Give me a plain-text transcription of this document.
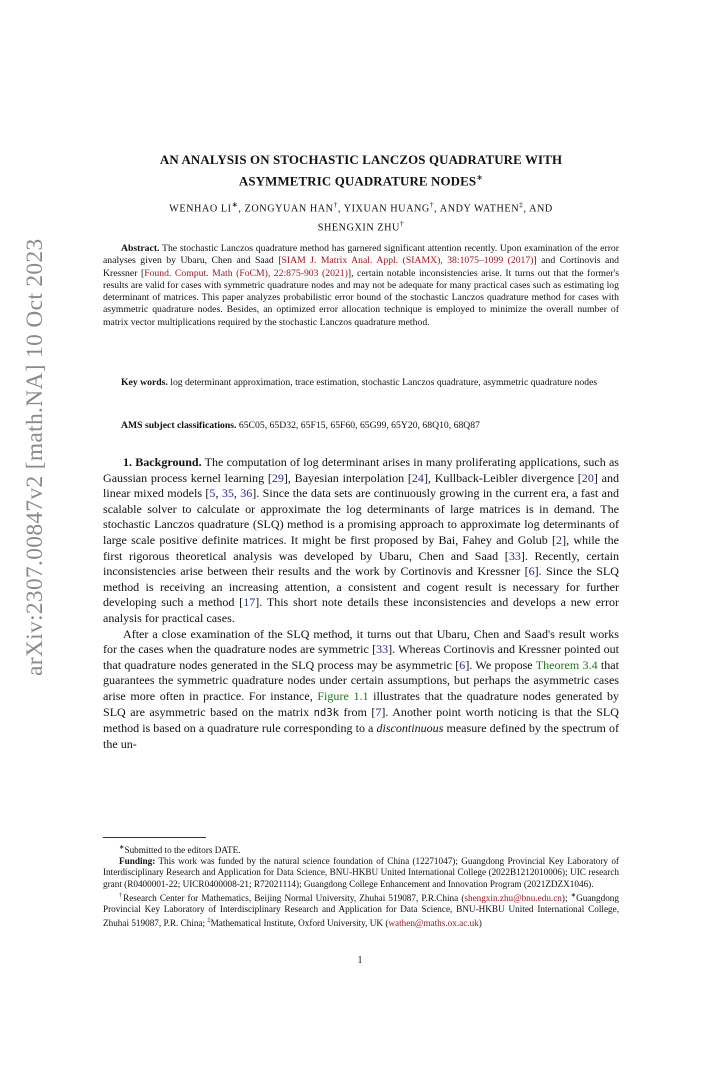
arXiv:2307.00847v2 [math.NA] 10 Oct 2023
AN ANALYSIS ON STOCHASTIC LANCZOS QUADRATURE WITH
ASYMMETRIC QUADRATURE NODES∗
WENHAO LI∗, ZONGYUAN HAN†, YIXUAN HUANG†, ANDY WATHEN‡, AND
SHENGXIN ZHU†
Abstract. The stochastic Lanczos quadrature method has garnered significant attention recently. Upon examination of the error analyses given by Ubaru, Chen and Saad [SIAM J. Matrix Anal. Appl. (SIAMX), 38:1075–1099 (2017)] and Cortinovis and Kressner [Found. Comput. Math (FoCM), 22:875-903 (2021)], certain notable inconsistencies arise. It turns out that the former's results are valid for cases with symmetric quadrature nodes and may not be adequate for many practical cases such as estimating log determinant of matrices. This paper analyzes probabilistic error bound of the stochastic Lanczos quadrature method for cases with asymmetric quadrature nodes. Besides, an optimized error allocation technique is employed to minimize the overall number of matrix vector multiplications required by the stochastic Lanczos quadrature method.
Key words. log determinant approximation, trace estimation, stochastic Lanczos quadrature, asymmetric quadrature nodes
AMS subject classifications. 65C05, 65D32, 65F15, 65F60, 65G99, 65Y20, 68Q10, 68Q87

1. Background. The computation of log determinant arises in many proliferating applications, such as Gaussian process kernel learning [29], Bayesian interpolation [24], Kullback-Leibler divergence [20] and linear mixed models [5, 35, 36]. Since the data sets are continuously growing in the current era, a fast and scalable solver to calculate or approximate the log determinants of large matrices is in demand. The stochastic Lanczos quadrature (SLQ) method is a promising approach to approximate log determinants of large scale positive definite matrices. It might be first proposed by Bai, Fahey and Golub [2], while the first rigorous theoretical analysis was developed by Ubaru, Chen and Saad [33]. Recently, certain inconsistencies arise between their results and the work by Cortinovis and Kressner [6]. Since the SLQ method is receiving an increasing attention, a consistent and cogent result is necessary for further developing such a method [17]. This short note details these inconsistencies and develops a new error analysis for practical cases.

After a close examination of the SLQ method, it turns out that Ubaru, Chen and Saad's result works for the cases when the quadrature nodes are symmetric [33]. Whereas Cortinovis and Kressner pointed out that quadrature nodes generated in the SLQ process may be asymmetric [6]. We propose Theorem 3.4 that guarantees the symmetric quadrature nodes under certain assumptions, but perhaps the asymmetric cases arise more often in practice. For instance, Figure 1.1 illustrates that the quadrature nodes generated by SLQ are asymmetric based on the matrix nd3k from [7]. Another point worth noticing is that the SLQ method is based on a quadrature rule corresponding to a discontinuous measure defined by the spectrum of the un-

∗Submitted to the editors DATE.

Funding: This work was funded by the natural science foundation of China (12271047); Guangdong Provincial Key Laboratory of Interdisciplinary Research and Application for Data Science, BNU-HKBU United International College (2022B1212010006); UIC research grant (R0400001-22; UICR0400008-21; R72021114); Guangdong College Enhancement and Innovation Program (2021ZDZX1046).

†Research Center for Mathematics, Beijing Normal University, Zhuhai 519087, P.R.China (shengxin.zhu@bnu.edu.cn); ∗Guangdong Provincial Key Laboratory of Interdisciplinary Research and Application for Data Science, BNU-HKBU United International College, Zhuhai 519087, P.R. China; ‡Mathematical Institute, Oxford University, UK (wathen@maths.ox.ac.uk)

1
